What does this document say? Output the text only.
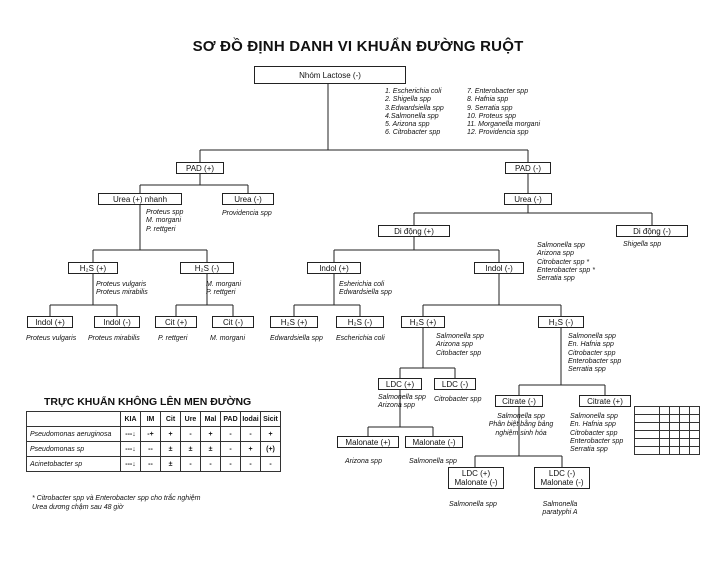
SƠ ĐỒ ĐỊNH DANH VI KHUẨN ĐƯỜNG RUỘT
Nhóm Lactose (-)
PAD (+)	PAD (-)
Urea (+) nhanh	Urea (-)	Urea (-)
Di động (+)	Di động (-)
H₂S (+)	H₂S (-)	Indol (+)	Indol (-)
Indol (+)	Indol (-)	Cit (+)	Cit (-)	H₂S (+)	H₂S (-)	H₂S (+)	H₂S (-)
LDC (+)	LDC (-)
Citrate (-)	Citrate (+)
Malonate (+)	Malonate (-)
LDC (+)
Malonate (-)
LDC (-)
Malonate (-)
1. Escherichia coli
2. Shigella spp
3.Edwardsiella spp
4.Salmonella spp
5. Arizona spp
6. Citrobacter spp
7. Enterobacter spp
8. Hafnia spp
9. Serratia spp
10. Proteus spp
11. Morganella morgani
12. Providencia spp
Proteus spp
M. morgani
P. rettgeri
Providencia spp
Shigella spp
Proteus vulgaris
Proteus mirabilis
M. morgani
P. rettgeri
Esherichia coli
Edwardsiella spp
Salmonella spp
Arizona spp
Citrobacter spp *
Enterobacter spp *
Serratia spp
Proteus vulgaris Proteus mirabilis	P. rettgeri	M. morgani	Edwardsiella spp Escherichia coli	Salmonella spp
Arizona spp
Citobacter spp
Salmonella spp
En. Hafnia spp
Citrobacter spp
Enterobacter spp
Serratia spp
Salmonella spp
Arizona spp
Citrobacter spp
Salmonella spp
Phân biệt bằng bảng
nghiệm sinh hóa
Salmonella spp
En. Hafnia spp
Citrobacter spp
Enterobacter spp
Serratia spp
Arizona spp	Salmonella spp
Salmonella spp	Salmonella
paratyphi A
TRỰC KHUẨN KHÔNG LÊN MEN ĐƯỜNG
	KIA	IM	Cit	Ure	Mal	PAD	Iodai	Sicit
Pseudomonas aeruginosa	---↓	-+	+	-	+	-	-	+
Pseudomonas sp	---↓	--	±	±	±	-	+	(+)
Acinetobacter sp	---↓	--	±	-	-	-	-	-
* Citrobacter spp và Enterobacter spp cho trắc nghiệm
Urea dương chậm sau 48 giờ
